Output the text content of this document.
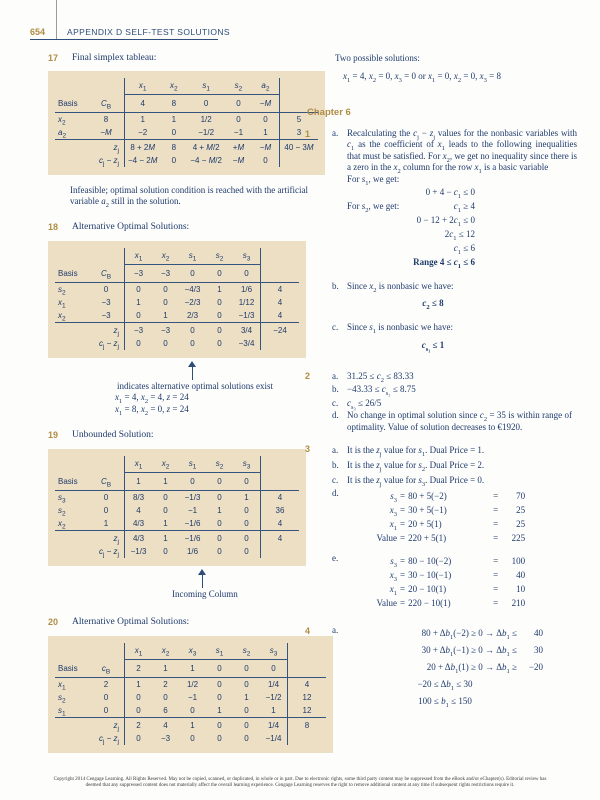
654	APPENDIX D SELF-TEST SOLUTIONS
17	Final simplex tableau:
		$x_1$	$x_2$	$s_1$	$s_2$	$a_2$	
Basis	$C_B$	4	8	0	0	−M	
$x_2$	8	1	1	1/2	0	0	5
$a_2$	−M	−2	0	−1/2	−1	1	3
$z_j$		8 + 2M	8	4 + M/2	+M	−M	40 − 3M
$c_j - z_j$		−4 − 2M	0	−4 − M/2	−M	0	

Infeasible; optimal solution condition is reached with the artificial variable $a_2$ still in the solution.

18	Alternative Optimal Solutions:
		$x_1$	$x_2$	$s_1$	$s_2$	$s_3$	
Basis	$C_B$	−3	−3	0	0	0	
$s_2$	0	0	0	−4/3	1	1/6	4
$x_1$	−3	1	0	−2/3	0	1/12	4
$x_2$	−3	0	1	2/3	0	−1/3	4
$z_j$		−3	−3	0	0	3/4	−24
$c_j - z_j$		0	0	0	0	−3/4	
indicates alternative optimal solutions exist
$x_1 = 4$, $x_2 = 4$, z = 24
$x_1 = 8$, $x_2 = 0$, z = 24
19	Unbounded Solution:
		$x_1$	$x_2$	$s_1$	$s_2$	$s_3$	
Basis	$C_B$	1	1	0	0	0	
$s_3$	0	8/3	0	−1/3	0	1	4
$s_2$	0	4	0	−1	1	0	36
$x_2$	1	4/3	1	−1/6	0	0	4
$z_j$		4/3	1	−1/6	0	0	4
$c_j - z_j$		−1/3	0	1/6	0	0	
Incoming Column
20	Alternative Optimal Solutions:
		$x_1$	$x_2$	$x_3$	$s_1$	$s_2$	$s_3$	
Basis	$c_B$	2	1	1	0	0	0	
$x_1$	2	1	2	1/2	0	0	1/4	4
$s_2$	0	0	0	−1	0	1	−1/2	12
$s_1$	0	0	6	0	1	0	1	12
$z_j$		2	4	1	0	0	1/4	8
$c_j - z_j$		0	−3	0	0	0	−1/4	
Two possible solutions:
$x_1 = 4$, $x_2 = 0$, $x_3 = 0$ or $x_1 = 0$, $x_2 = 0$, $x_3 = 8$
Chapter 6
1	a. Recalculating the $c_j - z_j$ values for the nonbasic variables with $c_1$ as the coefficient of $x_1$ leads to the following inequalities that must be satisfied. For $x_2$, we get no inequality since there is a zero in the $x_2$ column for the row $x_1$ is a basic variable
For $s_1$, we get:
$0 + 4 - c_1 \le 0$
For $s_2$, we get:	$c_1 \ge 4$
$0 - 12 + 2c_1 \le 0$
$2c_1 \le 12$
$c_1 \le 6$
Range $4 \le c_1 \le 6$
b. Since $x_2$ is nonbasic we have:
$c_2 \le 8$
c. Since $s_1$ is nonbasic we have:
$c_{s_1} \le 1$
2	a. $31.25 \le c_2 \le 83.33$
b. $-43.33 \le c_{s_2} \le 8.75$
c. $c_{s_3} \le 26/5$
d. No change in optimal solution since $c_2 = 35$ is within range of optimality. Value of solution decreases to €1920.
3	a. It is the $z_j$ value for $s_1$. Dual Price = 1.
b. It is the $z_j$ value for $s_2$. Dual Price = 2.
c. It is the $z_j$ value for $s_3$. Dual Price = 0.
d.	$s_3 = 80 + 5(-2)$	=	70
$x_3 = 30 + 5(-1)$	=	25
$x_1 = 20 + 5(1)$	=	25
Value = 220 + 5(1)	=	225
e.	$s_3 = 80 - 10(-2)$	=	100
$x_3 = 30 - 10(-1)$	=	40
$x_1 = 20 - 10(1)$	=	10
Value = 220 − 10(1)	=	210
4	a.	$80 + \Delta b_1(-2) \ge 0 \to \Delta b_1$ ≤	40
$30 + \Delta b_1(-1) \ge 0 \to \Delta b_1$ ≤	30
$20 + \Delta b_1(1) \ge 0 \to \Delta b_1$ ≥	−20
$-20 \le \Delta b_1 \le 30$
$100 \le b_1 \le 150$
Copyright 2014 Cengage Learning. All Rights Reserved. May not be copied, scanned, or duplicated, in whole or in part. Due to electronic rights, some third party content may be suppressed from the eBook and/or eChapter(s). Editorial review has
deemed that any suppressed content does not materially affect the overall learning experience. Cengage Learning reserves the right to remove additional content at any time if subsequent rights restrictions require it.
